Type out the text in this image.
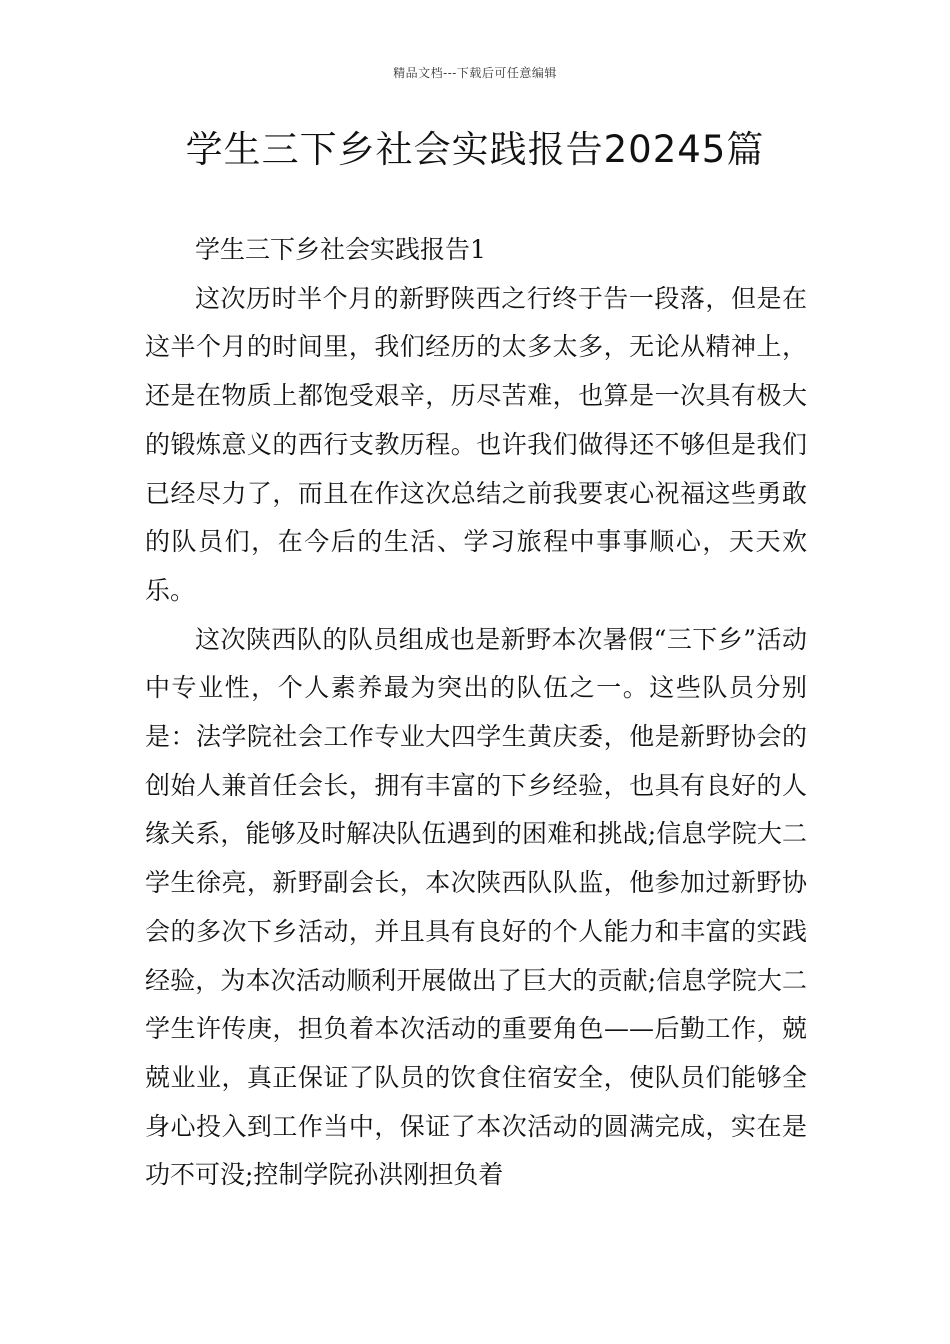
精品文档---下载后可任意编辑
学生三下乡社会实践报告20245篇

学生三下乡社会实践报告1

这次历时半个月的新野陕西之行终于告一段落，但是在这半个月的时间里，我们经历的太多太多，无论从精神上，还是在物质上都饱受艰辛，历尽苦难，也算是一次具有极大的锻炼意义的西行支教历程。也许我们做得还不够但是我们已经尽力了，而且在作这次总结之前我要衷心祝福这些勇敢的队员们，在今后的生活、学习旅程中事事顺心，天天欢乐。

这次陕西队的队员组成也是新野本次暑假“三下乡”活动中专业性，个人素养最为突出的队伍之一。这些队员分别是：法学院社会工作专业大四学生黄庆委，他是新野协会的创始人兼首任会长，拥有丰富的下乡经验，也具有良好的人缘关系，能够及时解决队伍遇到的困难和挑战;信息学院大二学生徐亮，新野副会长，本次陕西队队监，他参加过新野协会的多次下乡活动，并且具有良好的个人能力和丰富的实践经验，为本次活动顺利开展做出了巨大的贡献;信息学院大二学生许传庚，担负着本次活动的重要角色——后勤工作，兢兢业业，真正保证了队员的饮食住宿安全，使队员们能够全身心投入到工作当中，保证了本次活动的圆满完成，实在是功不可没;控制学院孙洪刚担负着
